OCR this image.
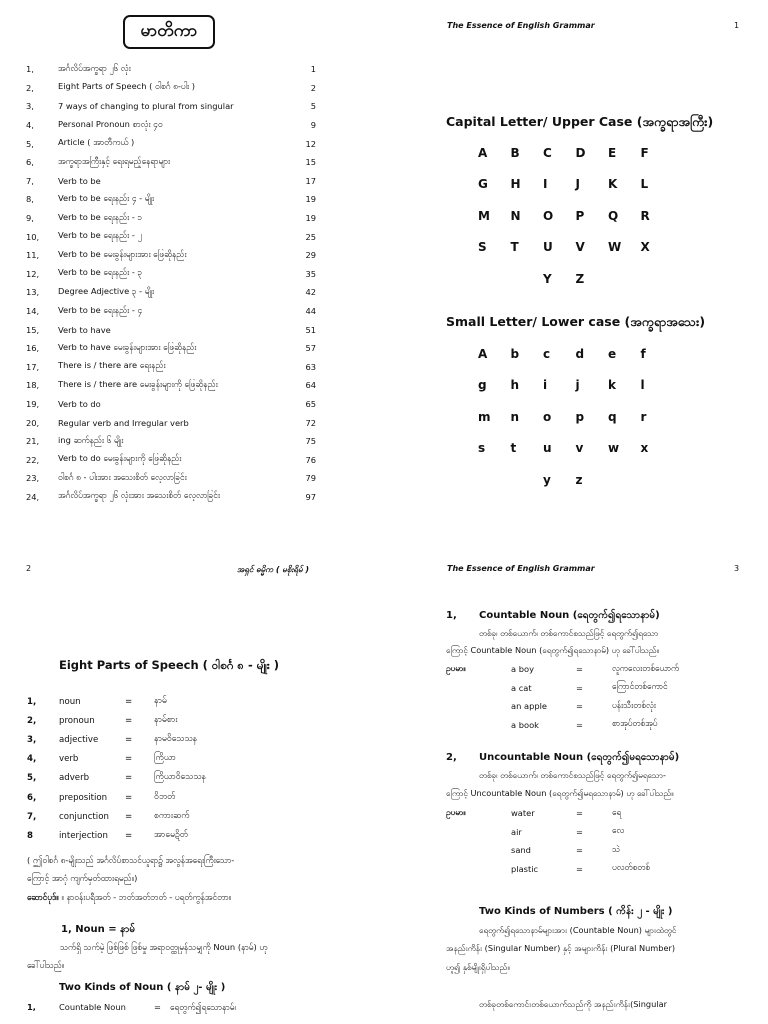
မာတိကာ
1,	အင်္ဂလိပ်အက္ခရာ ၂၆ လုံး	1
2,	Eight Parts of Speech ( ဝါစင်္ဂ ၈-ပါး )	2
3,	7 ways of changing to plural from singular	5
4,	Personal Pronoun စာလုံး ၄၀	9
5,	Article ( အာတီကယ် )	12
6,	အက္ခရာအကြီးနှင့် ရေးရမည့်နေရာများ	15
7,	Verb to be	17
8,	Verb to be ရေးနည်း ၄ - မျိုး	19
9,	Verb to be ရေးနည်း - ၁	19
10,	Verb to be ရေးနည်း - ၂	25
11,	Verb to be မေးခွန်းများအား ဖြေဆိုနည်း	29
12,	Verb to be ရေးနည်း - ၃	35
13,	Degree Adjective ၃ - မျိုး	42
14,	Verb to be ရေးနည်း - ၄	44
15,	Verb to have	51
16,	Verb to have မေးခွန်းများအား ဖြေဆိုနည်း	57
17,	There is / there are ရေးနည်း	63
18,	There is / there are မေးခွန်းများကို ဖြေဆိုနည်း	64
19,	Verb to do	65
20,	Regular verb and Irregular verb	72
21,	ing ဆက်နည်း ၆ မျိုး	75
22,	Verb to do မေးခွန်းများကို ဖြေဆိုနည်း	76
23,	ဝါစင်္ဂ ၈ - ပါးအား အသေးစိတ် လေ့လာခြင်း	79
24,	အင်္ဂလိပ်အက္ခရာ ၂၆ လုံးအား အသေးစိတ် လေ့လာခြင်း	97
The Essence of English Grammar	1
Capital Letter/ Upper Case (အက္ခရာအကြီး)
A	B	C	D	E	F
G	H	I	J	K	L
M	N	O	P	Q	R
S	T	U	V	W	X
Y	Z
Small Letter/ Lower case (အက္ခရာအသေး)
A	b	c	d	e	f
g	h	i	j	k	l
m	n	o	p	q	r
s	t	u	v	w	x
y	z
2	အရှင် ဓမ္မိက ( မစိုးရိမ် )
Eight Parts of Speech ( ဝါစင်္ဂ ၈ - မျိုး )
1,	noun	=	နာမ်
2,	pronoun	=	နာမ်စား
3,	adjective	=	နာမဝိသေသန
4,	verb	=	ကြိယာ
5,	adverb	=	ကြိယာဝိသေသန
6,	preposition	=	ဝိဘတ်
7,	conjunction	=	စကားဆက်
8	interjection	=	အာမေဍိတ်
( ဤဝါစင်္ဂ ၈-မျိုးသည် အင်္ဂလိပ်စာသင်ယူရာ၌ အလွန်အရေးကြီးသော-
ကြောင့် အာဂုံ ကျက်မှတ်ထားရမည်။)
ဆောင်ပုဒ်။ ။ နာဝန်းပရီအတ် - ဘတ်အတ်ဘတ် - ပရတ်ကွန်အင်တာ။
1, Noun = နာမ်
သက်ရှိ သက်မဲ့ ဖြစ်ဖြစ် ဖြစ်မှု အရာဝတ္ထုမှန်သမျှကို Noun (နာမ်) ဟု
ခေါ်ပါသည်။
Two Kinds of Noun ( နာမ် ၂- မျိုး )
1,	Countable Noun	=	ရေတွက်၍ရသောနာမ်၊
The Essence of English Grammar	3
1, Countable Noun (ရေတွက်၍ရသောနာမ်)
တစ်ခု၊ တစ်ယောက်၊ တစ်ကောင်စသည်ဖြင့် ရေတွက်၍ရသော
ကြောင့် Countable Noun (ရေတွက်၍ရသောနာမ်) ဟု ခေါ်ပါသည်။
ဥပမာ။	a boy	=	လူကလေးတစ်ယောက်
a cat	=	ကြောင်တစ်ကောင်
an apple	=	ပန်းသီးတစ်လုံး
a book	=	စာအုပ်တစ်အုပ်
2, Uncountable Noun (ရေတွက်၍မရသောနာမ်)
တစ်ခု၊ တစ်ယောက်၊ တစ်ကောင်စသည်ဖြင့် ရေတွက်၍မရသော-
ကြောင့် Uncountable Noun (ရေတွက်၍မရသောနာမ်) ဟု ခေါ်ပါသည်။
ဥပမာ။	water	=	ရေ
air	=	လေ
sand	=	သဲ
plastic	=	ပလတ်စတစ်
Two Kinds of Numbers ( ကိန်း ၂ - မျိုး )
ရေတွက်၍ရသောနာမ်များအား (Countable Noun) များထဲတွင်
အနည်းကိန်း (Singular Number) နှင့် အများကိန်း (Plural Number)
ဟူ၍ နှစ်မျိုးရှိပါသည်။
တစ်ခုတစ်ကောင်းတစ်ယောက်သည်ကို အနည်းကိန်း(Singular
